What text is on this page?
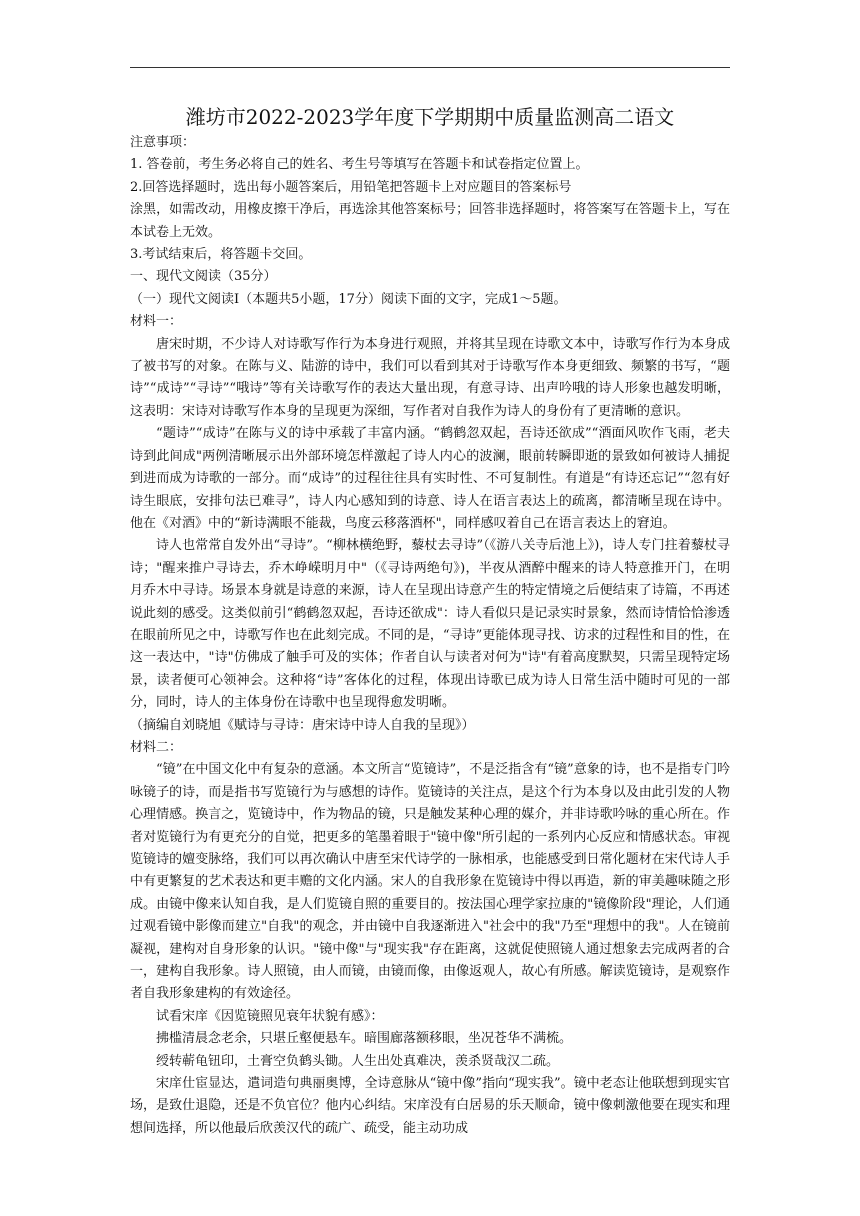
潍坊市2022-2023学年度下学期期中质量监测高二语文

注意事项：

1. 答卷前，考生务必将自己的姓名、考生号等填写在答题卡和试卷指定位置上。

2.回答选择题时，选出每小题答案后，用铅笔把答题卡上对应题目的答案标号

涂黑，如需改动，用橡皮擦干净后，再选涂其他答案标号；回答非选择题时，将答案写在答题卡上，写在本试卷上无效。

3.考试结束后，将答题卡交回。

一、现代文阅读（35分）

（一）现代文阅读I（本题共5小题，17分）阅读下面的文字，完成1～5题。

材料一：

唐宋时期，不少诗人对诗歌写作行为本身进行观照，并将其呈现在诗歌文本中，诗歌写作行为本身成了被书写的对象。在陈与义、陆游的诗中，我们可以看到其对于诗歌写作本身更细致、频繁的书写，“题诗”“成诗”“寻诗”“哦诗”等有关诗歌写作的表达大量出现，有意寻诗、出声吟哦的诗人形象也越发明晰，这表明：宋诗对诗歌写作本身的呈现更为深细，写作者对自我作为诗人的身份有了更清晰的意识。

“题诗”“成诗”在陈与义的诗中承载了丰富内涵。“鹤鹤忽双起，吾诗还欲成”“酒面风吹作飞雨，老夫诗到此间成"两例清晰展示出外部环境怎样激起了诗人内心的波澜，眼前转瞬即逝的景致如何被诗人捕捉到进而成为诗歌的一部分。而“成诗”的过程往往具有实时性、不可复制性。有道是“有诗还忘记”“忽有好诗生眼底，安排句法已难寻”，诗人内心感知到的诗意、诗人在语言表达上的疏离，都清晰呈现在诗中。他在《对酒》中的“新诗满眼不能裁，鸟度云移落酒杯"，同样感叹着自己在语言表达上的窘迫。

诗人也常常自发外出“寻诗”。“柳林横绝野，藜杖去寻诗”（《游八关寺后池上》)，诗人专门拄着藜杖寻诗；"醒来推户寻诗去，乔木峥嵘明月中"（《寻诗两绝句》)，半夜从酒醉中醒来的诗人特意推开门，在明月乔木中寻诗。场景本身就是诗意的来源，诗人在呈现出诗意产生的特定情境之后便结束了诗篇，不再述说此刻的感受。这类似前引“鹤鹤忽双起，吾诗还欲成"：诗人看似只是记录实时景象，然而诗情恰恰渗透在眼前所见之中，诗歌写作也在此刻完成。不同的是，“寻诗”更能体现寻找、访求的过程性和目的性，在这一表达中，"诗"仿佛成了触手可及的实体；作者自认与读者对何为"诗"有着高度默契，只需呈现特定场景，读者便可心领神会。这种将“诗”客体化的过程，体现出诗歌已成为诗人日常生活中随时可见的一部分，同时，诗人的主体身份在诗歌中也呈现得愈发明晰。

（摘编自刘晓旭《赋诗与寻诗：唐宋诗中诗人自我的呈现》）

材料二：

“镜”在中国文化中有复杂的意涵。本文所言“览镜诗”，不是泛指含有“镜”意象的诗，也不是指专门吟咏镜子的诗，而是指书写览镜行为与感想的诗作。览镜诗的关注点，是这个行为本身以及由此引发的人物心理情感。换言之，览镜诗中，作为物品的镜，只是触发某种心理的媒介，并非诗歌吟咏的重心所在。作者对览镜行为有更充分的自觉，把更多的笔墨着眼于"镜中像"所引起的一系列内心反应和情感状态。审视览镜诗的嬗变脉络，我们可以再次确认中唐至宋代诗学的一脉相承，也能感受到日常化题材在宋代诗人手中有更繁复的艺术表达和更丰赡的文化内涵。宋人的自我形象在览镜诗中得以再造，新的审美趣味随之形成。由镜中像来认知自我，是人们览镜自照的重要目的。按法国心理学家拉康的"镜像阶段"理论，人们通过观看镜中影像而建立"自我"的观念，并由镜中自我逐渐进入"社会中的我"乃至"理想中的我"。人在镜前凝视，建构对自身形象的认识。"镜中像"与"现实我"存在距离，这就促使照镜人通过想象去完成两者的合一，建构自我形象。诗人照镜，由人而镜，由镜而像，由像返观人，故心有所感。解读览镜诗，是观察作者自我形象建构的有效途径。

试看宋庠《因览镜照见衰年状貌有感》：

拂槛清晨念老余，只堪丘壑便悬车。暗围廊落额移眼，坐况苍华不满梳。

绶转蕲龟钮印，土膏空负鹤头锄。人生出处真难决，羡杀贤哉汉二疏。

宋庠仕宦显达，遣词造句典丽奥博，全诗意脉从“镜中像”指向“现实我”。镜中老态让他联想到现实官场，是致仕退隐，还是不负官位？他内心纠结。宋庠没有白居易的乐天顺命，镜中像刺激他要在现实和理想间选择，所以他最后欣羡汉代的疏广、疏受，能主动功成
